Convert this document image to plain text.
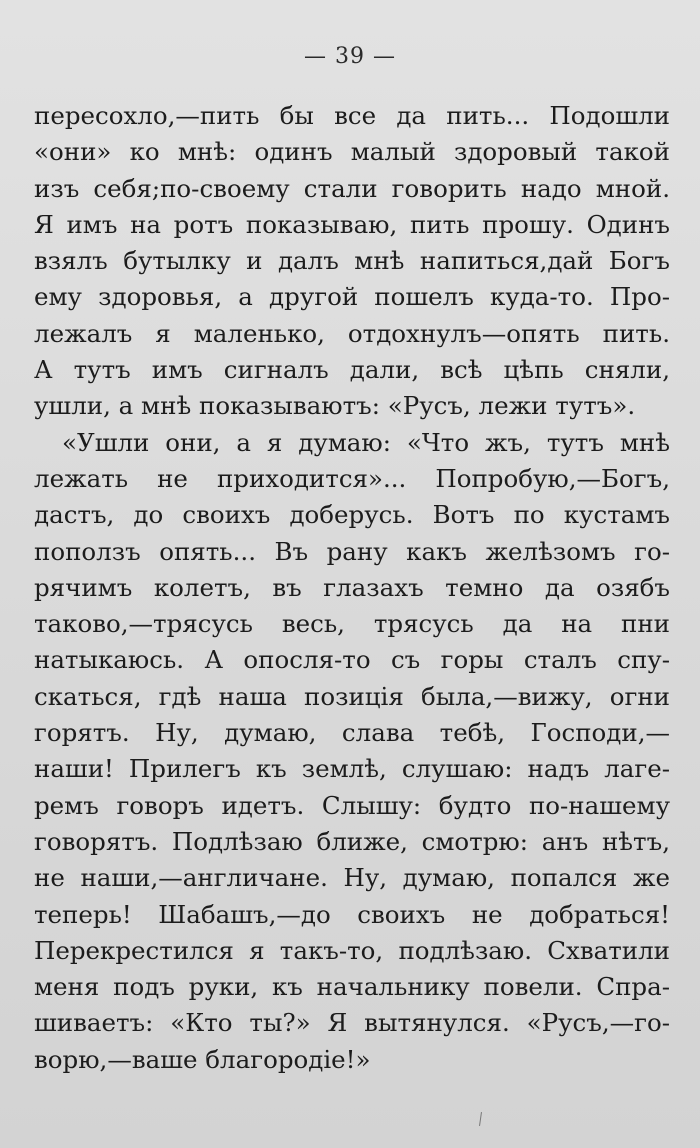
— 39 —
пересохло,—пить бы все да пить... Подошли
«они» ко мнѣ: одинъ малый здоровый такой
изъ себя;по-своему стали говорить надо мной.
Я имъ на ротъ показываю, пить прошу. Одинъ
взялъ бутылку и далъ мнѣ напиться,дай Богъ
ему здоровья, а другой пошелъ куда-то. Про-
лежалъ я маленько, отдохнулъ—опять пить.
А тутъ имъ сигналъ дали, всѣ цѣпь сняли,
ушли, а мнѣ показываютъ: «Русъ, лежи тутъ».
«Ушли они, а я думаю: «Что жъ, тутъ мнѣ
лежать не приходится»... Попробую,—Богъ,
дастъ, до своихъ доберусь. Вотъ по кустамъ
поползъ опять... Въ рану какъ желѣзомъ го-
рячимъ колетъ, въ глазахъ темно да озябъ
таково,—трясусь весь, трясусь да на пни
натыкаюсь. А опосля-то съ горы сталъ спу-
скаться, гдѣ наша позиція была,—вижу, огни
горятъ. Ну, думаю, слава тебѣ, Господи,—
наши! Прилегъ къ землѣ, слушаю: надъ лаге-
ремъ говоръ идетъ. Слышу: будто по-нашему
говорятъ. Подлѣзаю ближе, смотрю: анъ нѣтъ,
не наши,—англичане. Ну, думаю, попался же
теперь! Шабашъ,—до своихъ не добраться!
Перекрестился я такъ-то, подлѣзаю. Схватили
меня подъ руки, къ начальнику повели. Спра-
шиваетъ: «Кто ты?» Я вытянулся. «Русъ,—го-
ворю,—ваше благородіе!»
